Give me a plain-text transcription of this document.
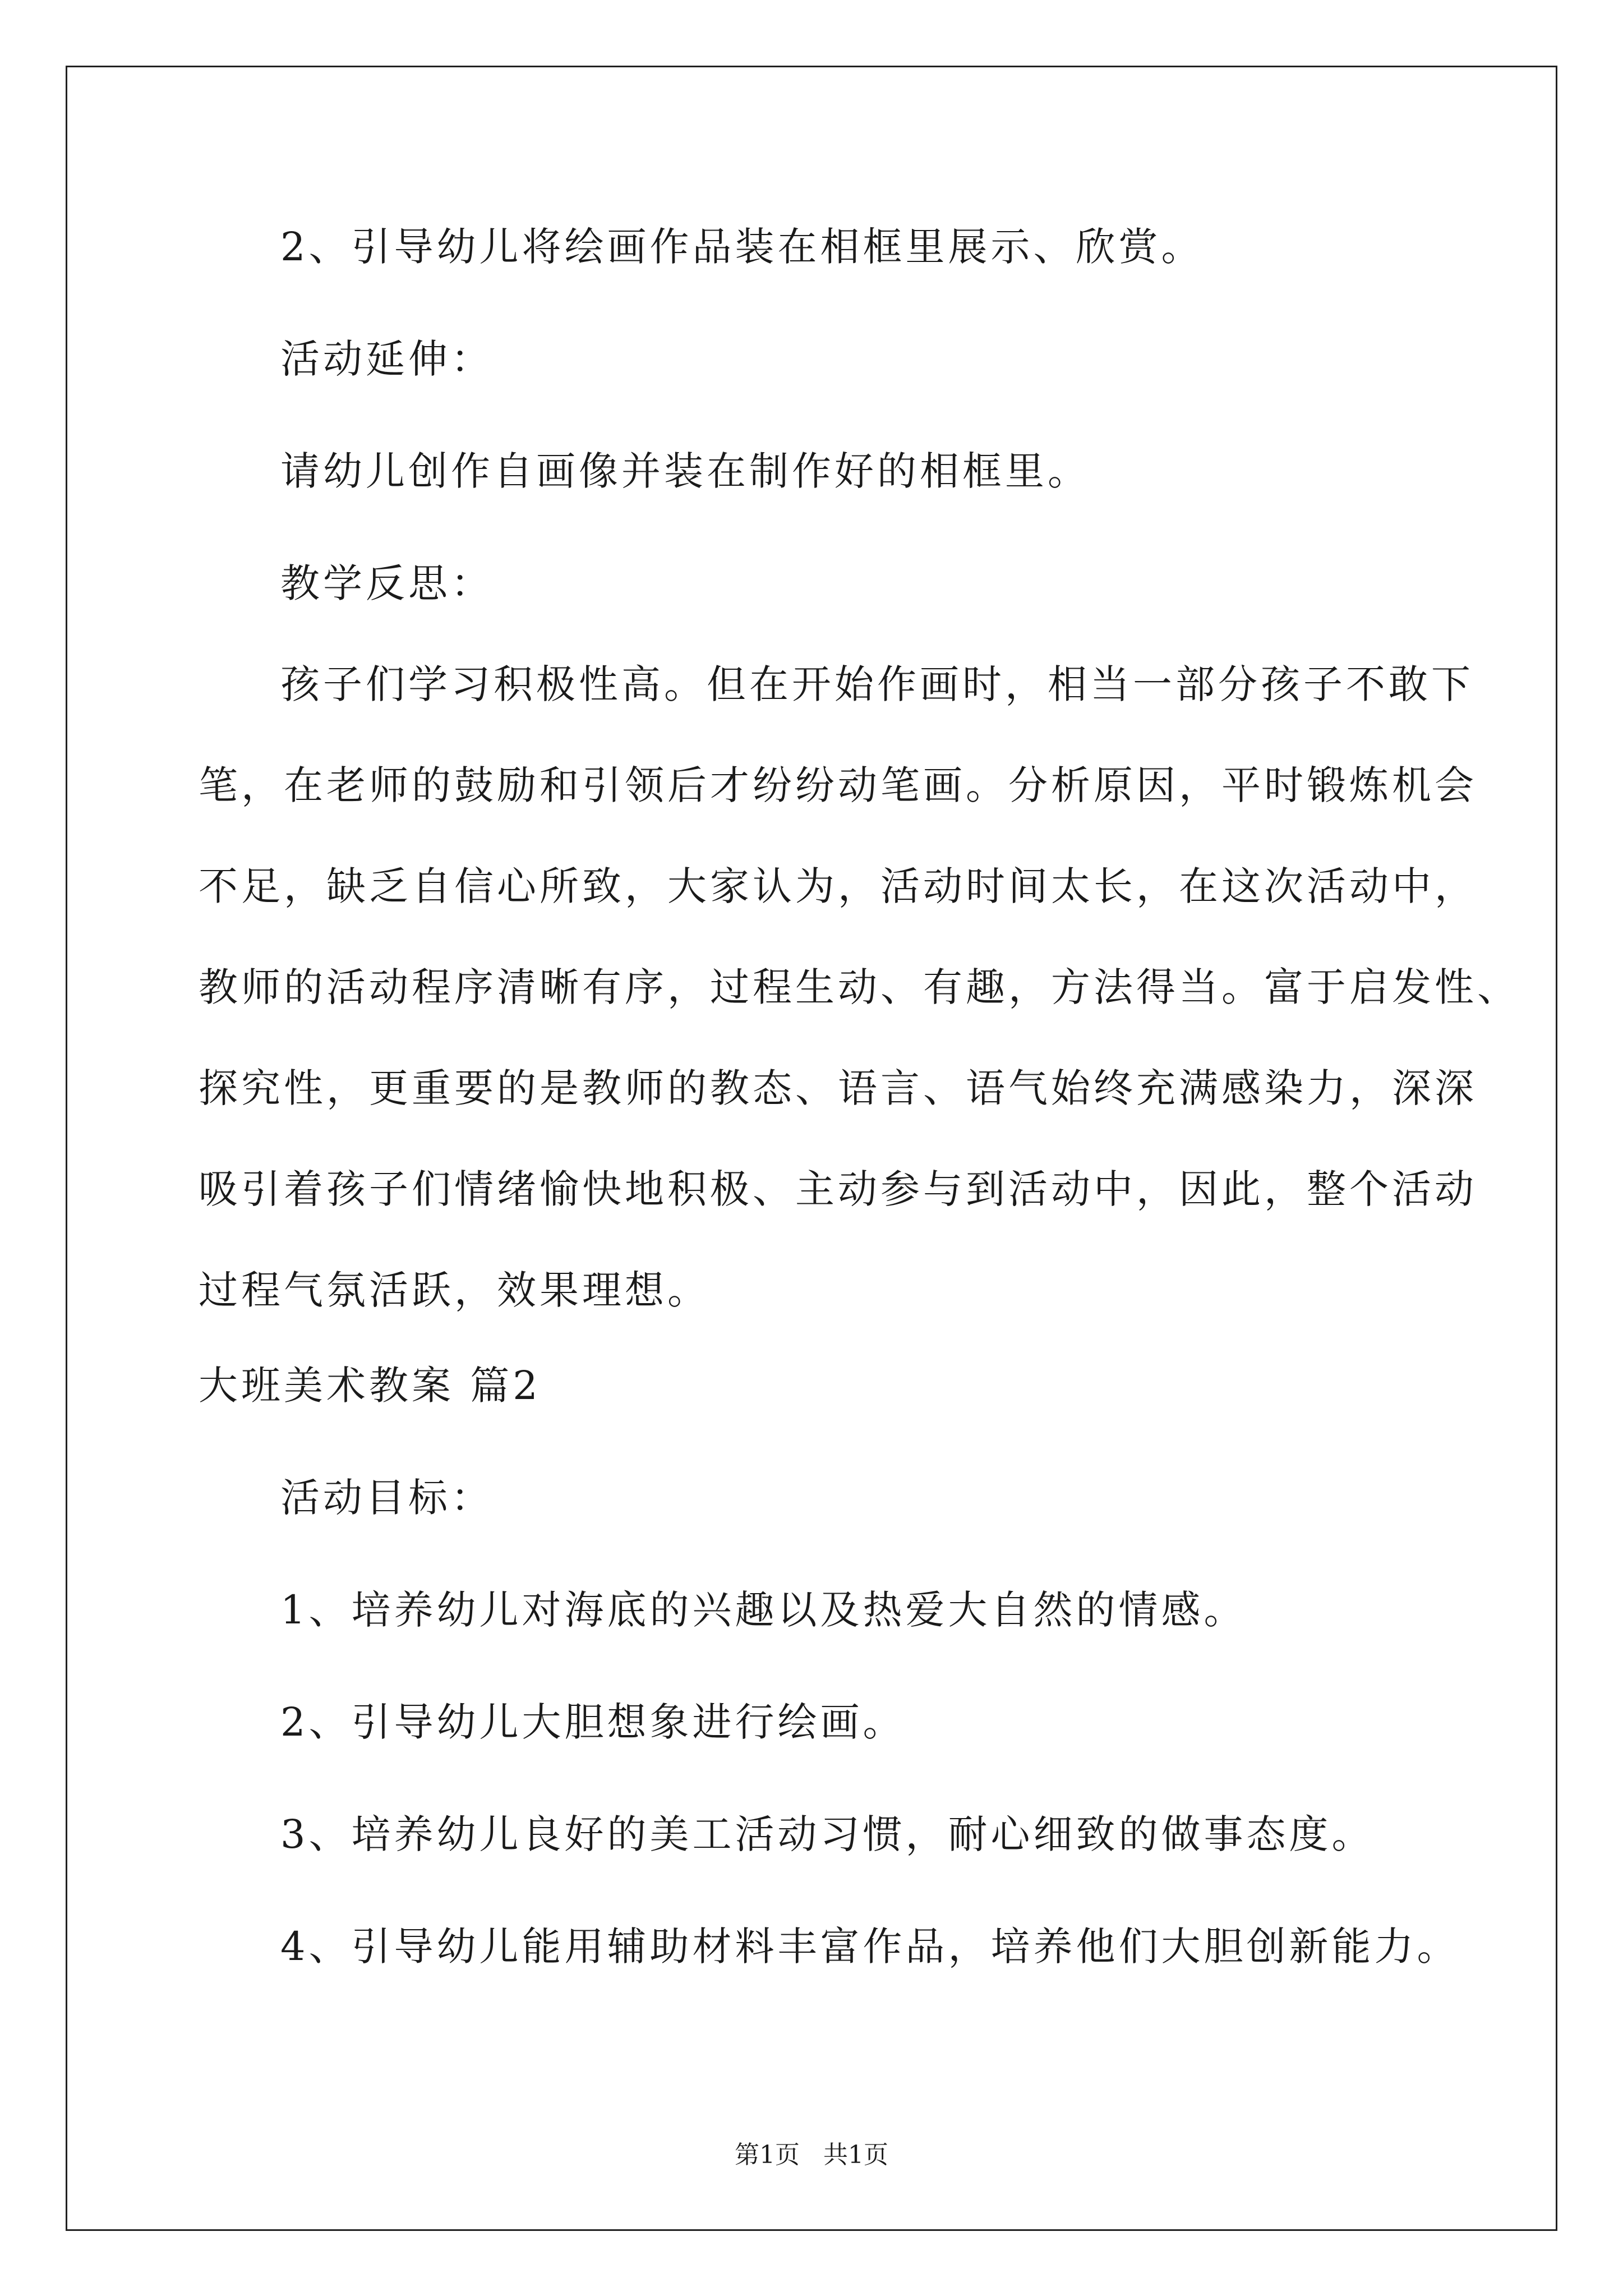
2、引导幼儿将绘画作品装在相框里展示、欣赏。
活动延伸：
请幼儿创作自画像并装在制作好的相框里。
教学反思：
孩子们学习积极性高。但在开始作画时，相当一部分孩子不敢下
笔，在老师的鼓励和引领后才纷纷动笔画。分析原因，平时锻炼机会
不足，缺乏自信心所致，大家认为，活动时间太长，在这次活动中，
教师的活动程序清晰有序，过程生动、有趣，方法得当。富于启发性、
探究性，更重要的是教师的教态、语言、语气始终充满感染力，深深
吸引着孩子们情绪愉快地积极、主动参与到活动中，因此，整个活动
过程气氛活跃，效果理想。
大班美术教案 篇2
活动目标：
1、培养幼儿对海底的兴趣以及热爱大自然的情感。
2、引导幼儿大胆想象进行绘画。
3、培养幼儿良好的美工活动习惯，耐心细致的做事态度。
4、引导幼儿能用辅助材料丰富作品，培养他们大胆创新能力。
第1页   共1页
